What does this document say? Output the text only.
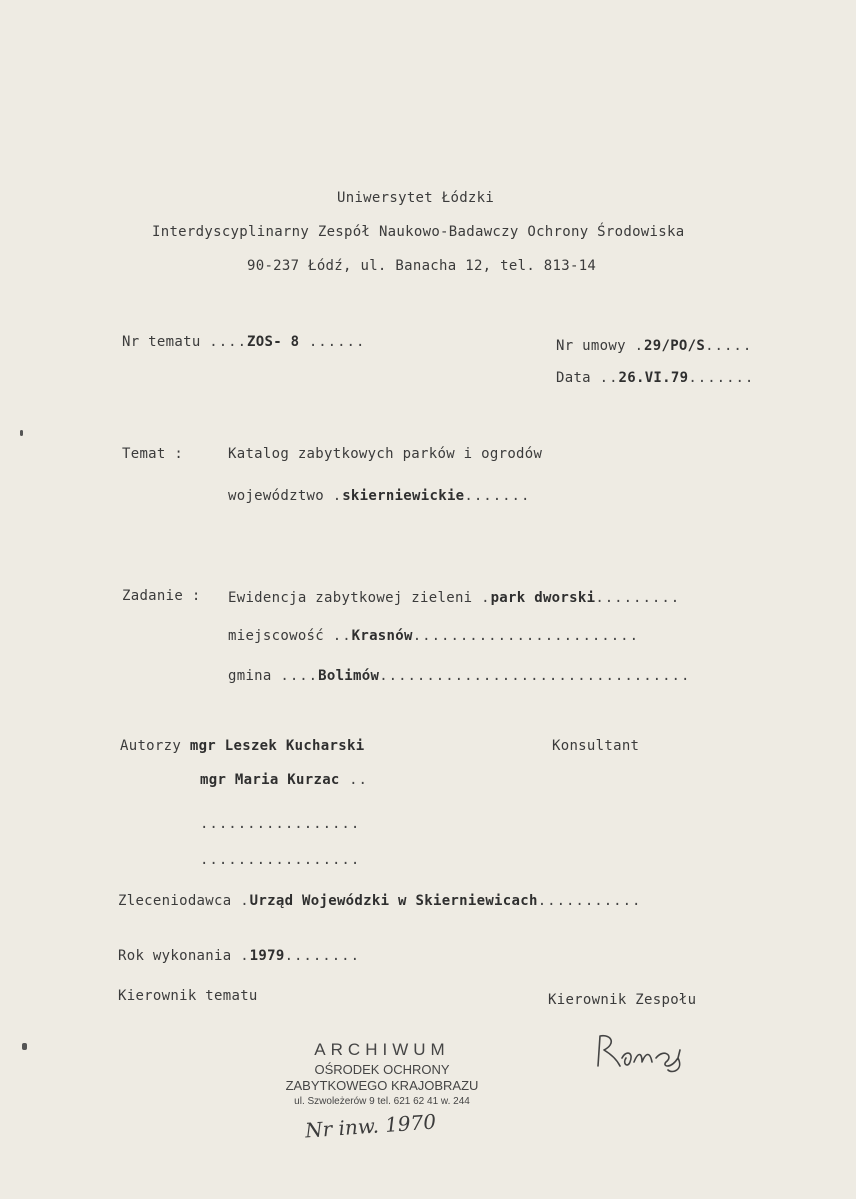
Uniwersytet Łódzki
Interdyscyplinarny Zespół Naukowo-Badawczy Ochrony Środowiska
90-237 Łódź, ul. Banacha 12, tel. 813-14
Nr tematu ....ZOS- 8 ......	Nr umowy .29/PO/S.....
Data ..26.VI.79.......
Temat :	Katalog zabytkowych parków i ogrodów
województwo .skierniewickie.......
Zadanie : Ewidencja zabytkowej zieleni .park dworski.........
miejscowość ..Krasnów........................
gmina ....Bolimów.................................
Autorzy mgr Leszek Kucharski
mgr Maria Kurzac ..
.................
.................
Konsultant
Zleceniodawca .Urząd Wojewódzki w Skierniewicach...........
Rok wykonania .1979........
Kierownik tematu	Kierownik Zespołu
ARCHIWUM
OŚRODEK OCHRONY
ZABYTKOWEGO KRAJOBRAZU
ul. Szwoleżerów 9 tel. 621 62 41 w. 244
Nr inw. 1970
